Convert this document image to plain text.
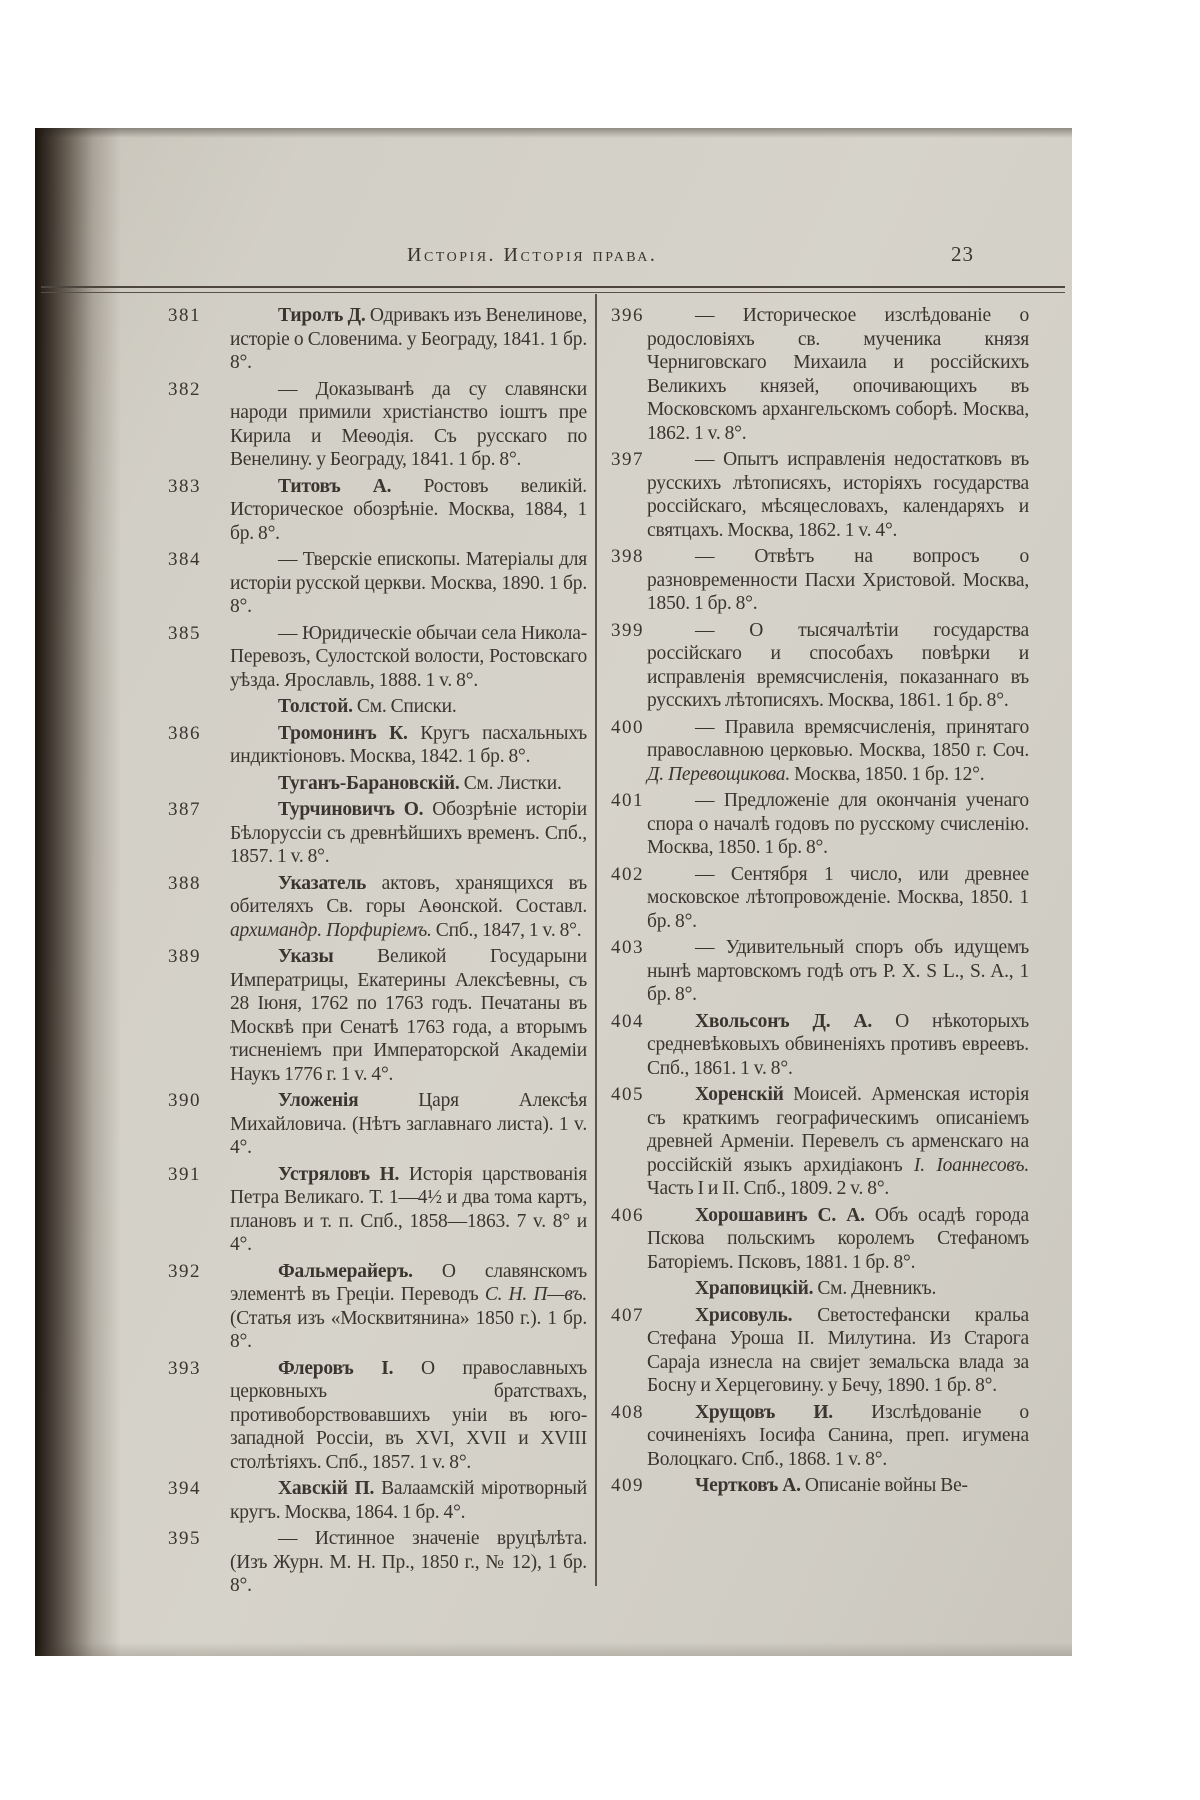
Исторія. Исторія права.	23
381	Тиролъ Д. Одривакъ изъ Венелинове, исторіе о Словенима. у Београду, 1841. 1 бр. 8°.

382	— Доказыванѣ да су славянски народи примили христіанство іоштъ пре Кирила и Меѳодія. Съ русскаго по Венелину. у Београду, 1841. 1 бр. 8°.

383	Титовъ А. Ростовъ великій. Историческое обозрѣніе. Москва, 1884, 1 бр. 8°.

384	— Тверскіе епископы. Матеріалы для исторіи русской церкви. Москва, 1890. 1 бр. 8°.

385	— Юридическіе обычаи села Никола-Перевозъ, Сулостской волости, Ростовскаго уѣзда. Ярославль, 1888. 1 v. 8°.

Толстой. См. Списки.

386	Тромонинъ К. Кругъ пасхальныхъ индиктіоновъ. Москва, 1842. 1 бр. 8°.

Туганъ-Барановскій. См. Листки.

387	Турчиновичъ О. Обозрѣніе исторіи Бѣлоруссіи съ древнѣйшихъ временъ. Спб., 1857. 1 v. 8°.

388	Указатель актовъ, хранящихся въ обителяхъ Св. горы Аѳонской. Составл. архимандр. Порфиріемъ. Спб., 1847, 1 v. 8°.

389	Указы Великой Государыни Императрицы, Екатерины Алексѣевны, съ 28 Іюня, 1762 по 1763 годъ. Печатаны въ Москвѣ при Сенатѣ 1763 года, а вторымъ тисненіемъ при Императорской Академіи Наукъ 1776 г. 1 v. 4°.

390	Уложенія Царя Алексѣя Михайловича. (Нѣтъ заглавнаго листа). 1 v. 4°.

391	Устряловъ Н. Исторія царствованія Петра Великаго. Т. 1—4½ и два тома картъ, плановъ и т. п. Спб., 1858—1863. 7 v. 8° и 4°.

392	Фальмерайеръ. О славянскомъ элементѣ въ Греціи. Переводъ С. Н. П—въ. (Статья изъ «Москвитянина» 1850 г.). 1 бр. 8°.

393	Флеровъ І. О православныхъ церковныхъ братствахъ, противоборствовавшихъ уніи въ юго-западной Россіи, въ XVI, XVII и XVIII столѣтіяхъ. Спб., 1857. 1 v. 8°.

394	Хавскій П. Валаамскій міротворный кругъ. Москва, 1864. 1 бр. 4°.

395	— Истинное значеніе вруцѣлѣта. (Изъ Журн. М. Н. Пр., 1850 г., № 12), 1 бр. 8°.

396	— Историческое изслѣдованіе о родословіяхъ св. мученика князя Черниговскаго Михаила и россійскихъ Великихъ князей, опочивающихъ въ Московскомъ архангельскомъ соборѣ. Москва, 1862. 1 v. 8°.

397	— Опытъ исправленія недостатковъ въ русскихъ лѣтописяхъ, исторіяхъ государства россійскаго, мѣсяцесловахъ, календаряхъ и святцахъ. Москва, 1862. 1 v. 4°.

398	— Отвѣтъ на вопросъ о разновременности Пасхи Христовой. Москва, 1850. 1 бр. 8°.

399	— О тысячалѣтіи государства россійскаго и способахъ повѣрки и исправленія времясчисленія, показаннаго въ русскихъ лѣтописяхъ. Москва, 1861. 1 бр. 8°.

400	— Правила времясчисленія, принятаго православною церковью. Москва, 1850 г. Соч. Д. Перевощикова. Москва, 1850. 1 бр. 12°.

401	— Предложеніе для окончанія ученаго спора о началѣ годовъ по русскому счисленію. Москва, 1850. 1 бр. 8°.

402	— Сентября 1 число, или древнее московское лѣтопровожденіе. Москва, 1850. 1 бр. 8°.

403	— Удивительный споръ объ идущемъ нынѣ мартовскомъ годѣ отъ Р. Х. S L., S. A., 1 бр. 8°.

404	Хвольсонъ Д. А. О нѣкоторыхъ средневѣковыхъ обвиненіяхъ противъ евреевъ. Спб., 1861. 1 v. 8°.

405	Хоренскій Моисей. Арменская исторія съ краткимъ географическимъ описаніемъ древней Арменіи. Перевелъ съ арменскаго на россійскій языкъ архидіаконъ І. Іоаннесовъ. Часть І и ІІ. Спб., 1809. 2 v. 8°.

406	Хорошавинъ С. А. Объ осадѣ города Пскова польскимъ королемъ Стефаномъ Баторіемъ. Псковъ, 1881. 1 бр. 8°.

Храповицкій. См. Дневникъ.

407	Хрисовуль. Светостефански кральа Стефана Уроша II. Милутина. Из Старога Сараја изнесла на свијет земальска влада за Босну и Херцеговину. у Бечу, 1890. 1 бр. 8°.

408	Хрущовъ И. Изслѣдованіе о сочиненіяхъ Іосифа Санина, преп. игумена Волоцкаго. Спб., 1868. 1 v. 8°.

409	Чертковъ А. Описаніе войны Ве-
